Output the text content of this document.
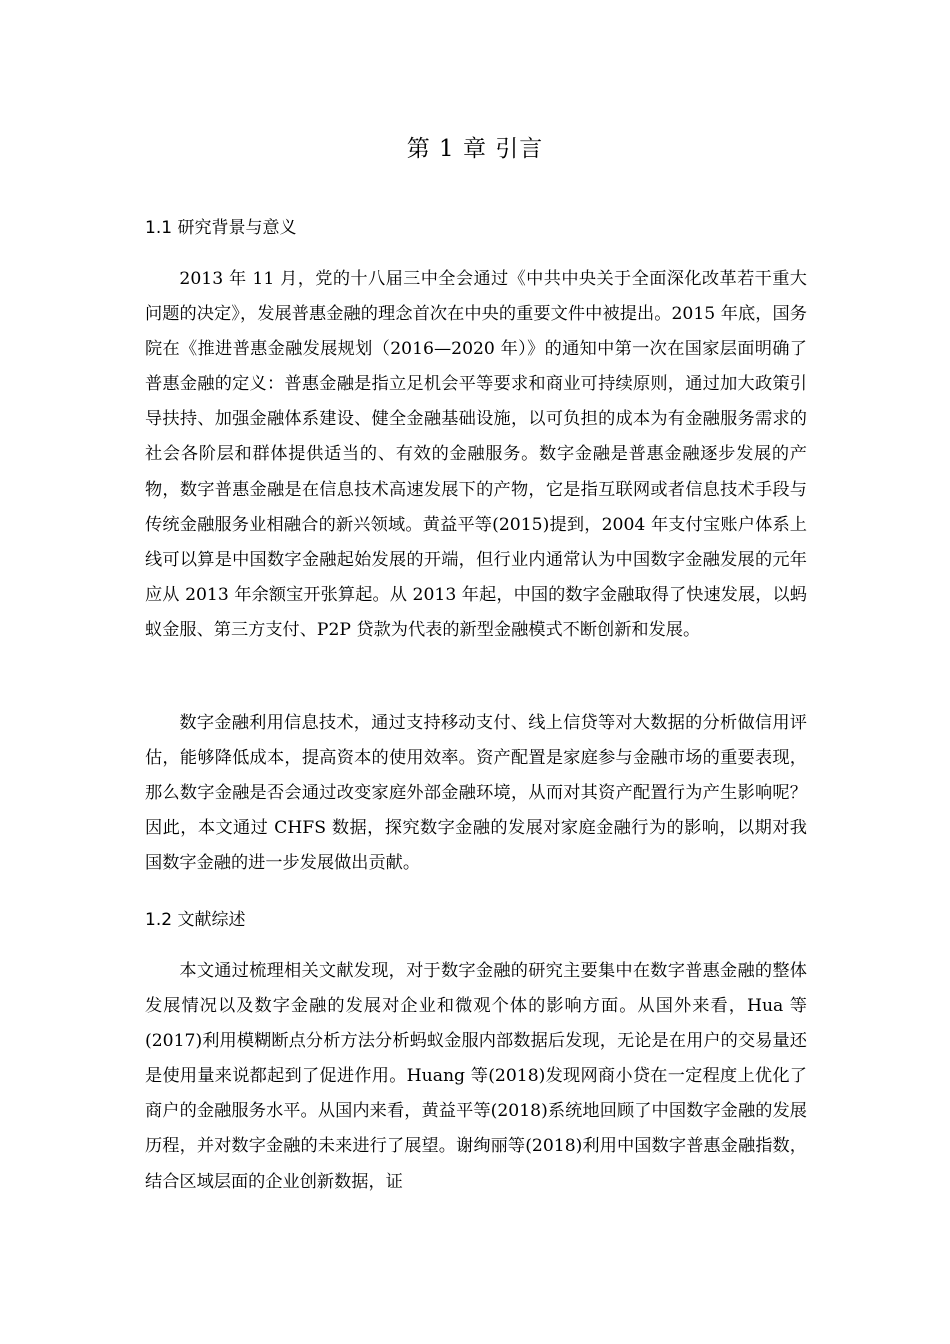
第 1 章 引言
1.1 研究背景与意义

2013 年 11 月，党的十八届三中全会通过《中共中央关于全面深化改革若干重大问题的决定》，发展普惠金融的理念首次在中央的重要文件中被提出。2015 年底，国务院在《推进普惠金融发展规划（2016—2020 年）》的通知中第一次在国家层面明确了普惠金融的定义：普惠金融是指立足机会平等要求和商业可持续原则，通过加大政策引导扶持、加强金融体系建设、健全金融基础设施，以可负担的成本为有金融服务需求的社会各阶层和群体提供适当的、有效的金融服务。数字金融是普惠金融逐步发展的产物，数字普惠金融是在信息技术高速发展下的产物，它是指互联网或者信息技术手段与传统金融服务业相融合的新兴领域。黄益平等(2015)提到，2004 年支付宝账户体系上线可以算是中国数字金融起始发展的开端，但行业内通常认为中国数字金融发展的元年应从 2013 年余额宝开张算起。从 2013 年起，中国的数字金融取得了快速发展，以蚂蚁金服、第三方支付、P2P 贷款为代表的新型金融模式不断创新和发展。

数字金融利用信息技术，通过支持移动支付、线上信贷等对大数据的分析做信用评估，能够降低成本，提高资本的使用效率。资产配置是家庭参与金融市场的重要表现，那么数字金融是否会通过改变家庭外部金融环境，从而对其资产配置行为产生影响呢？因此，本文通过 CHFS 数据，探究数字金融的发展对家庭金融行为的影响，以期对我国数字金融的进一步发展做出贡献。

1.2 文献综述

本文通过梳理相关文献发现，对于数字金融的研究主要集中在数字普惠金融的整体发展情况以及数字金融的发展对企业和微观个体的影响方面。从国外来看，Hua 等(2017)利用模糊断点分析方法分析蚂蚁金服内部数据后发现，无论是在用户的交易量还是使用量来说都起到了促进作用。Huang 等(2018)发现网商小贷在一定程度上优化了商户的金融服务水平。从国内来看，黄益平等(2018)系统地回顾了中国数字金融的发展历程，并对数字金融的未来进行了展望。谢绚丽等(2018)利用中国数字普惠金融指数，结合区域层面的企业创新数据，证
